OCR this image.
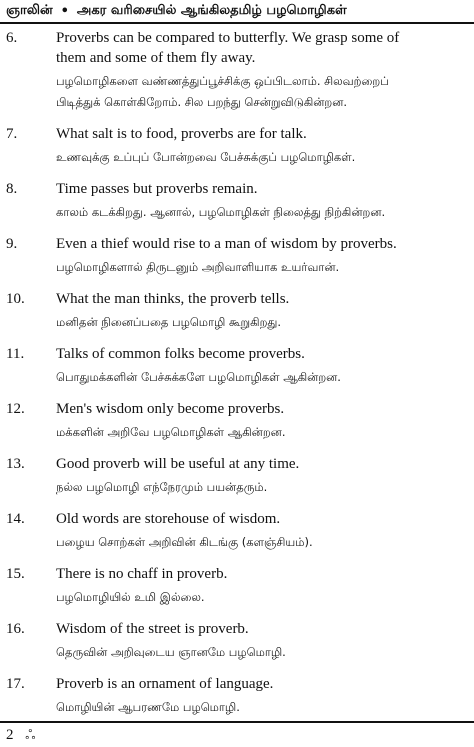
ஞாலின் • அகர வரிசையில் ஆங்கிலதமிழ் பழமொழிகள்
6.	Proverbs can be compared to butterfly. We grasp some of
them and some of them fly away.
பழமொழிகளை வண்ணத்துப்பூச்சிக்கு ஒப்பிடலாம். சிலவற்றைப்
பிடித்துக் கொள்கிறோம். சில பறந்து சென்றுவிடுகின்றன.
7.	What salt is to food, proverbs are for talk.
உணவுக்கு உப்புப் போன்றவை பேச்சுக்குப் பழமொழிகள்.
8.	Time passes but proverbs remain.
காலம் கடக்கிறது. ஆனால், பழமொழிகள் நிலைத்து நிற்கின்றன.
9.	Even a thief would rise to a man of wisdom by proverbs.
பழமொழிகளால் திருடனும் அறிவாளியாக உயர்வான்.
10.	What the man thinks, the proverb tells.
மனிதன் நினைப்பதை பழமொழி கூறுகிறது.
11.	Talks of common folks become proverbs.
பொதுமக்களின் பேச்சுக்களே பழமொழிகள் ஆகின்றன.
12.	Men's wisdom only become proverbs.
மக்களின் அறிவே பழமொழிகள் ஆகின்றன.
13.	Good proverb will be useful at any time.
நல்ல பழமொழி எந்நேரமும் பயன்தரும்.
14.	Old words are storehouse of wisdom.
பழைய சொற்கள் அறிவின் கிடங்கு (களஞ்சியம்).
15.	There is no chaff in proverb.
பழமொழியில் உமி இல்லை.
16.	Wisdom of the street is proverb.
தெருவின் அறிவுடைய ஞானமே பழமொழி.
17.	Proverb is an ornament of language.
மொழியின் ஆபரணமே பழமொழி.
2 ஃ
